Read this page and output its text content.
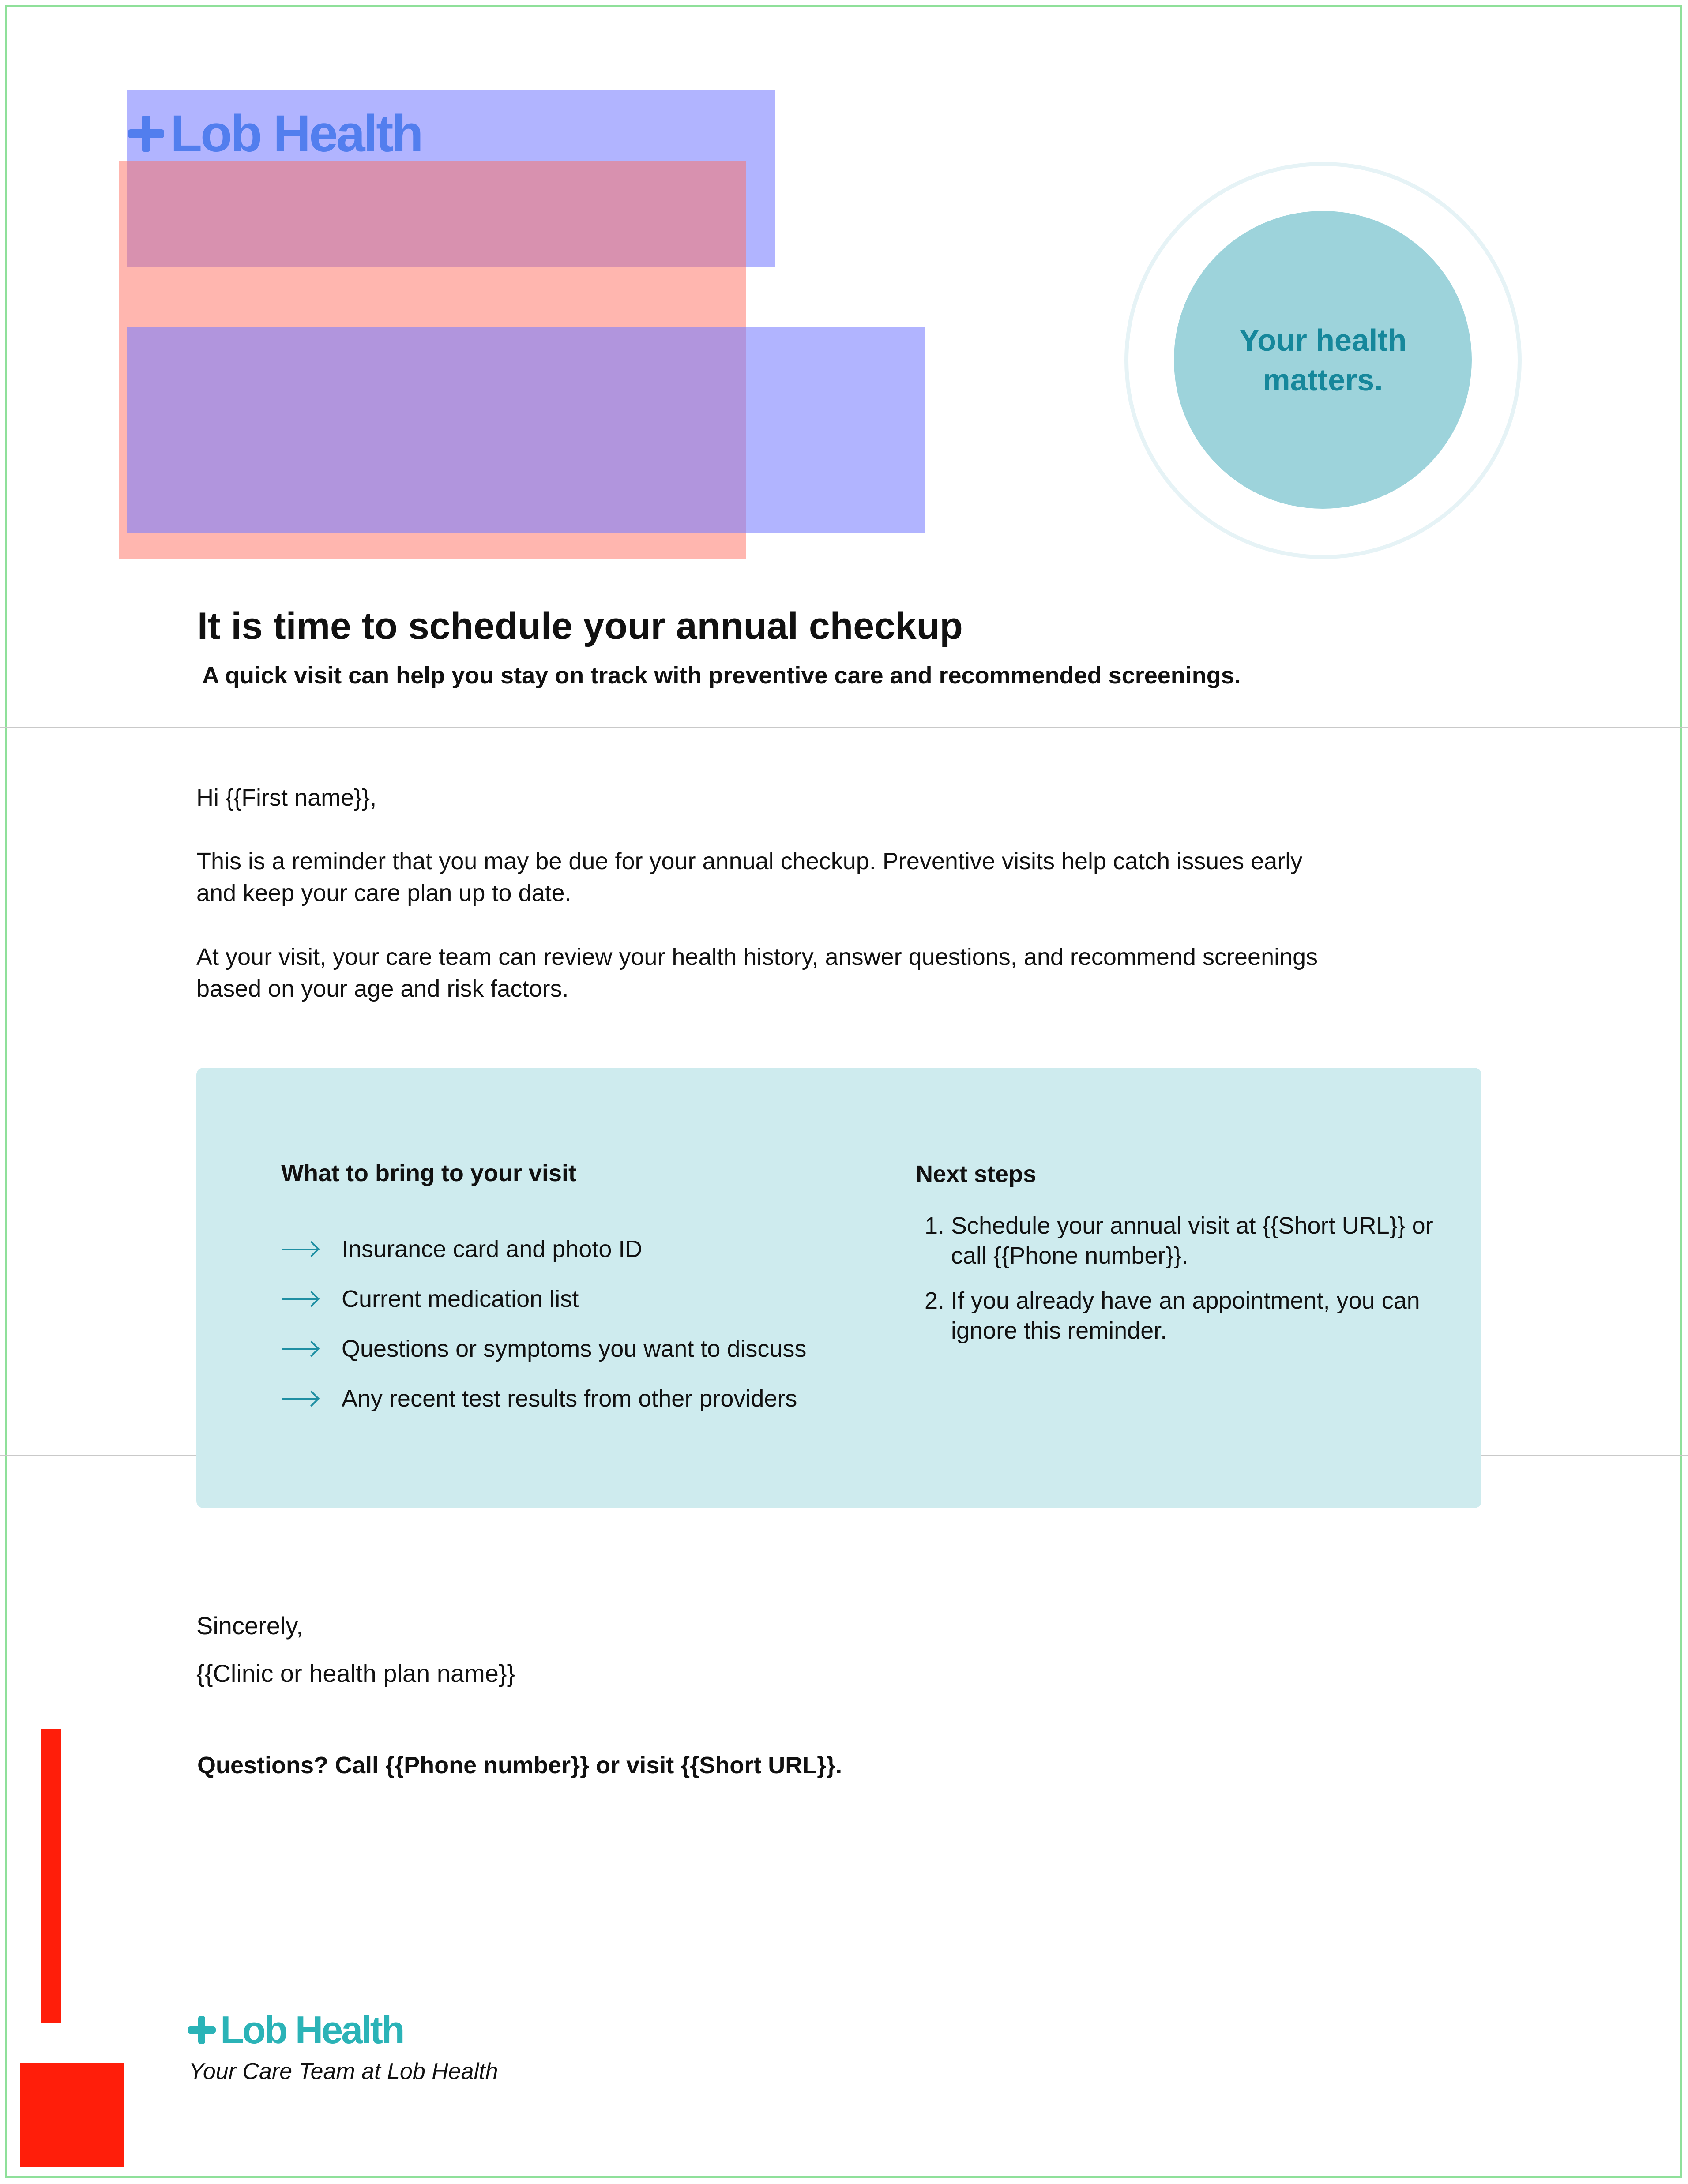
Your health matters.
It is time to schedule your annual checkup
A quick visit can help you stay on track with preventive care and recommended screenings.
Hi {{First name}},
This is a reminder that you may be due for your annual checkup. Preventive visits help catch issues early and keep your care plan up to date.
At your visit, your care team can review your health history, answer questions, and recommend screenings based on your age and risk factors.
What to bring to your visit
Insurance card and photo ID
Current medication list
Questions or symptoms you want to discuss
Any recent test results from other providers
Next steps
1. Schedule your annual visit at {{Short URL}} or call {{Phone number}}.
2. If you already have an appointment, you can ignore this reminder.
Sincerely,
{{Clinic or health plan name}}
Questions? Call {{Phone number}} or visit {{Short URL}}.
Lob Health
Your Care Team at Lob Health
